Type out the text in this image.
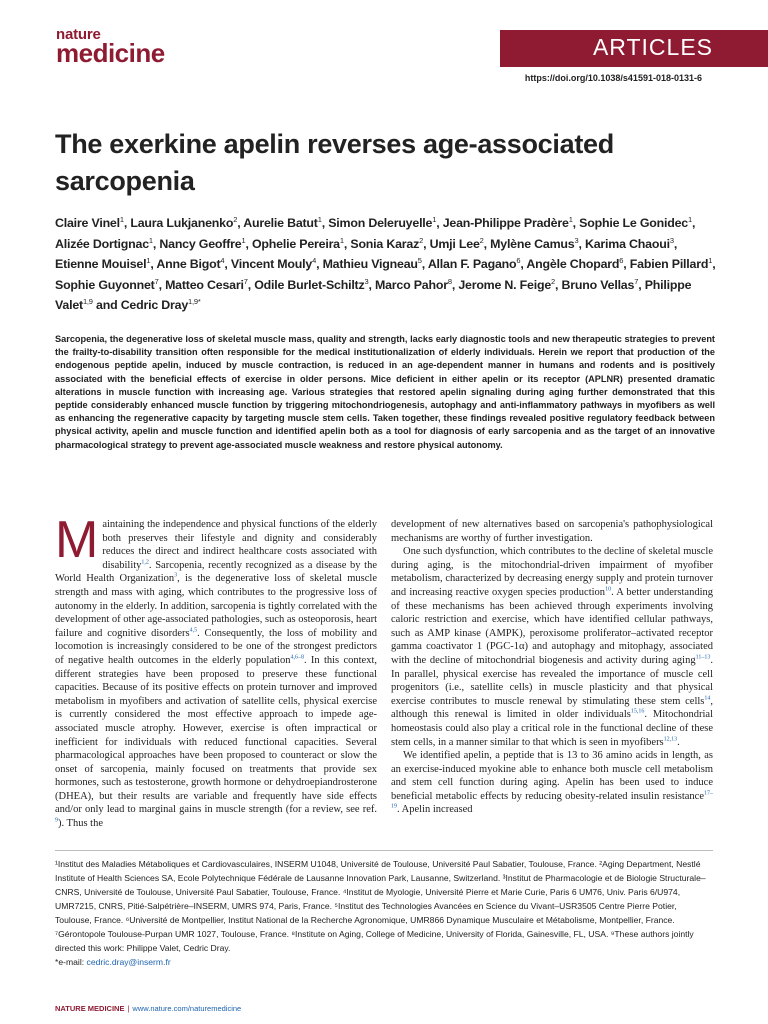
nature
medicine	ARTICLES
https://doi.org/10.1038/s41591-018-0131-6
The exerkine apelin reverses age-associated sarcopenia
Claire Vinel$^1$, Laura Lukjanenko$^2$, Aurelie Batut$^1$, Simon Deleruyelle$^1$, Jean-Philippe Pradère$^1$, Sophie Le Gonidec$^1$, Alizée Dortignac$^1$, Nancy Geoffre$^1$, Ophelie Pereira$^1$, Sonia Karaz$^2$, Umji Lee$^2$, Mylène Camus$^3$, Karima Chaoui$^3$, Etienne Mouisel$^1$, Anne Bigot$^4$, Vincent Mouly$^4$, Mathieu Vigneau$^5$, Allan F. Pagano$^6$, Angèle Chopard$^6$, Fabien Pillard$^1$, Sophie Guyonnet$^7$, Matteo Cesari$^7$, Odile Burlet-Schiltz$^3$, Marco Pahor$^8$, Jerome N. Feige$^2$, Bruno Vellas$^7$, Philippe Valet$^{1,9}$ and Cedric Dray$^{1,9*}$

Sarcopenia, the degenerative loss of skeletal muscle mass, quality and strength, lacks early diagnostic tools and new therapeutic strategies to prevent the frailty-to-disability transition often responsible for the medical institutionalization of elderly individuals. Herein we report that production of the endogenous peptide apelin, induced by muscle contraction, is reduced in an age-dependent manner in humans and rodents and is positively associated with the beneficial effects of exercise in older persons. Mice deficient in either apelin or its receptor (APLNR) presented dramatic alterations in muscle function with increasing age. Various strategies that restored apelin signaling during aging further demonstrated that this peptide considerably enhanced muscle function by triggering mitochondriogenesis, autophagy and anti-inflammatory pathways in myofibers as well as enhancing the regenerative capacity by targeting muscle stem cells. Taken together, these findings revealed positive regulatory feedback between physical activity, apelin and muscle function and identified apelin both as a tool for diagnosis of early sarcopenia and as the target of an innovative pharmacological strategy to prevent age-associated muscle weakness and restore physical autonomy.

Maintaining the independence and physical functions of the elderly both preserves their lifestyle and dignity and considerably reduces the direct and indirect healthcare costs associated with disability$^{1,2}$. Sarcopenia, recently recognized as a disease by the World Health Organization$^3$, is the degenerative loss of skeletal muscle strength and mass with aging, which contributes to the progressive loss of autonomy in the elderly. In addition, sarcopenia is tightly correlated with the development of other age-associated pathologies, such as osteoporosis, heart failure and cognitive disorders$^{4,5}$. Consequently, the loss of mobility and locomotion is increasingly considered to be one of the strongest predictors of negative health outcomes in the elderly population$^{4,6-8}$. In this context, different strategies have been proposed to preserve these functional capacities. Because of its positive effects on protein turnover and improved metabolism in myofibers and activation of satellite cells, physical exercise is currently considered the most effective approach to impede age-associated muscle atrophy. However, exercise is often impractical or inefficient for individuals with reduced functional capacities. Several pharmacological approaches have been proposed to counteract or slow the onset of sarcopenia, mainly focused on treatments that provide sex hormones, such as testosterone, growth hormone or dehydroepiandrosterone (DHEA), but their results are variable and frequently have side effects and/or only lead to marginal gains in muscle strength (for a review, see ref. $^9$). Thus the

development of new alternatives based on sarcopenia's pathophysiological mechanisms are worthy of further investigation.

One such dysfunction, which contributes to the decline of skeletal muscle during aging, is the mitochondrial-driven impairment of myofiber metabolism, characterized by decreasing energy supply and protein turnover and increasing reactive oxygen species production$^{10}$. A better understanding of these mechanisms has been achieved through experiments involving caloric restriction and exercise, which have identified cellular pathways, such as AMP kinase (AMPK), peroxisome proliferator–activated receptor gamma coactivator 1 (PGC-1α) and autophagy and mitophagy, associated with the decline of mitochondrial biogenesis and activity during aging$^{11-13}$. In parallel, physical exercise has revealed the importance of muscle cell progenitors (i.e., satellite cells) in muscle plasticity and that physical exercise contributes to muscle renewal by stimulating these stem cells$^{14}$, although this renewal is limited in older individuals$^{15,16}$. Mitochondrial homeostasis could also play a critical role in the functional decline of these stem cells, in a manner similar to that which is seen in myofibers$^{12,13}$.

We identified apelin, a peptide that is 13 to 36 amino acids in length, as an exercise-induced myokine able to enhance both muscle cell metabolism and stem cell function during aging. Apelin has been used to induce beneficial metabolic effects by reducing obesity-related insulin resistance$^{17-19}$. Apelin increased

¹Institut des Maladies Métaboliques et Cardiovasculaires, INSERM U1048, Université de Toulouse, Université Paul Sabatier, Toulouse, France. ²Aging Department, Nestlé Institute of Health Sciences SA, Ecole Polytechnique Fédérale de Lausanne Innovation Park, Lausanne, Switzerland. ³Institut de Pharmacologie et de Biologie Structurale–CNRS, Université de Toulouse, Université Paul Sabatier, Toulouse, France. ⁴Institut de Myologie, Université Pierre et Marie Curie, Paris 6 UM76, Univ. Paris 6/U974, UMR7215, CNRS, Pitié-Salpétrière–INSERM, UMRS 974, Paris, France. ⁵Institut des Technologies Avancées en Science du Vivant–USR3505 Centre Pierre Potier, Toulouse, France. ⁶Université de Montpellier, Institut National de la Recherche Agronomique, UMR866 Dynamique Musculaire et Métabolisme, Montpellier, France. ⁷Gérontopole Toulouse-Purpan UMR 1027, Toulouse, France. ⁸Institute on Aging, College of Medicine, University of Florida, Gainesville, FL, USA. ⁹These authors jointly directed this work: Philippe Valet, Cedric Dray.
*e-mail: cedric.dray@inserm.fr
NATURE MEDICINE | www.nature.com/naturemedicine
